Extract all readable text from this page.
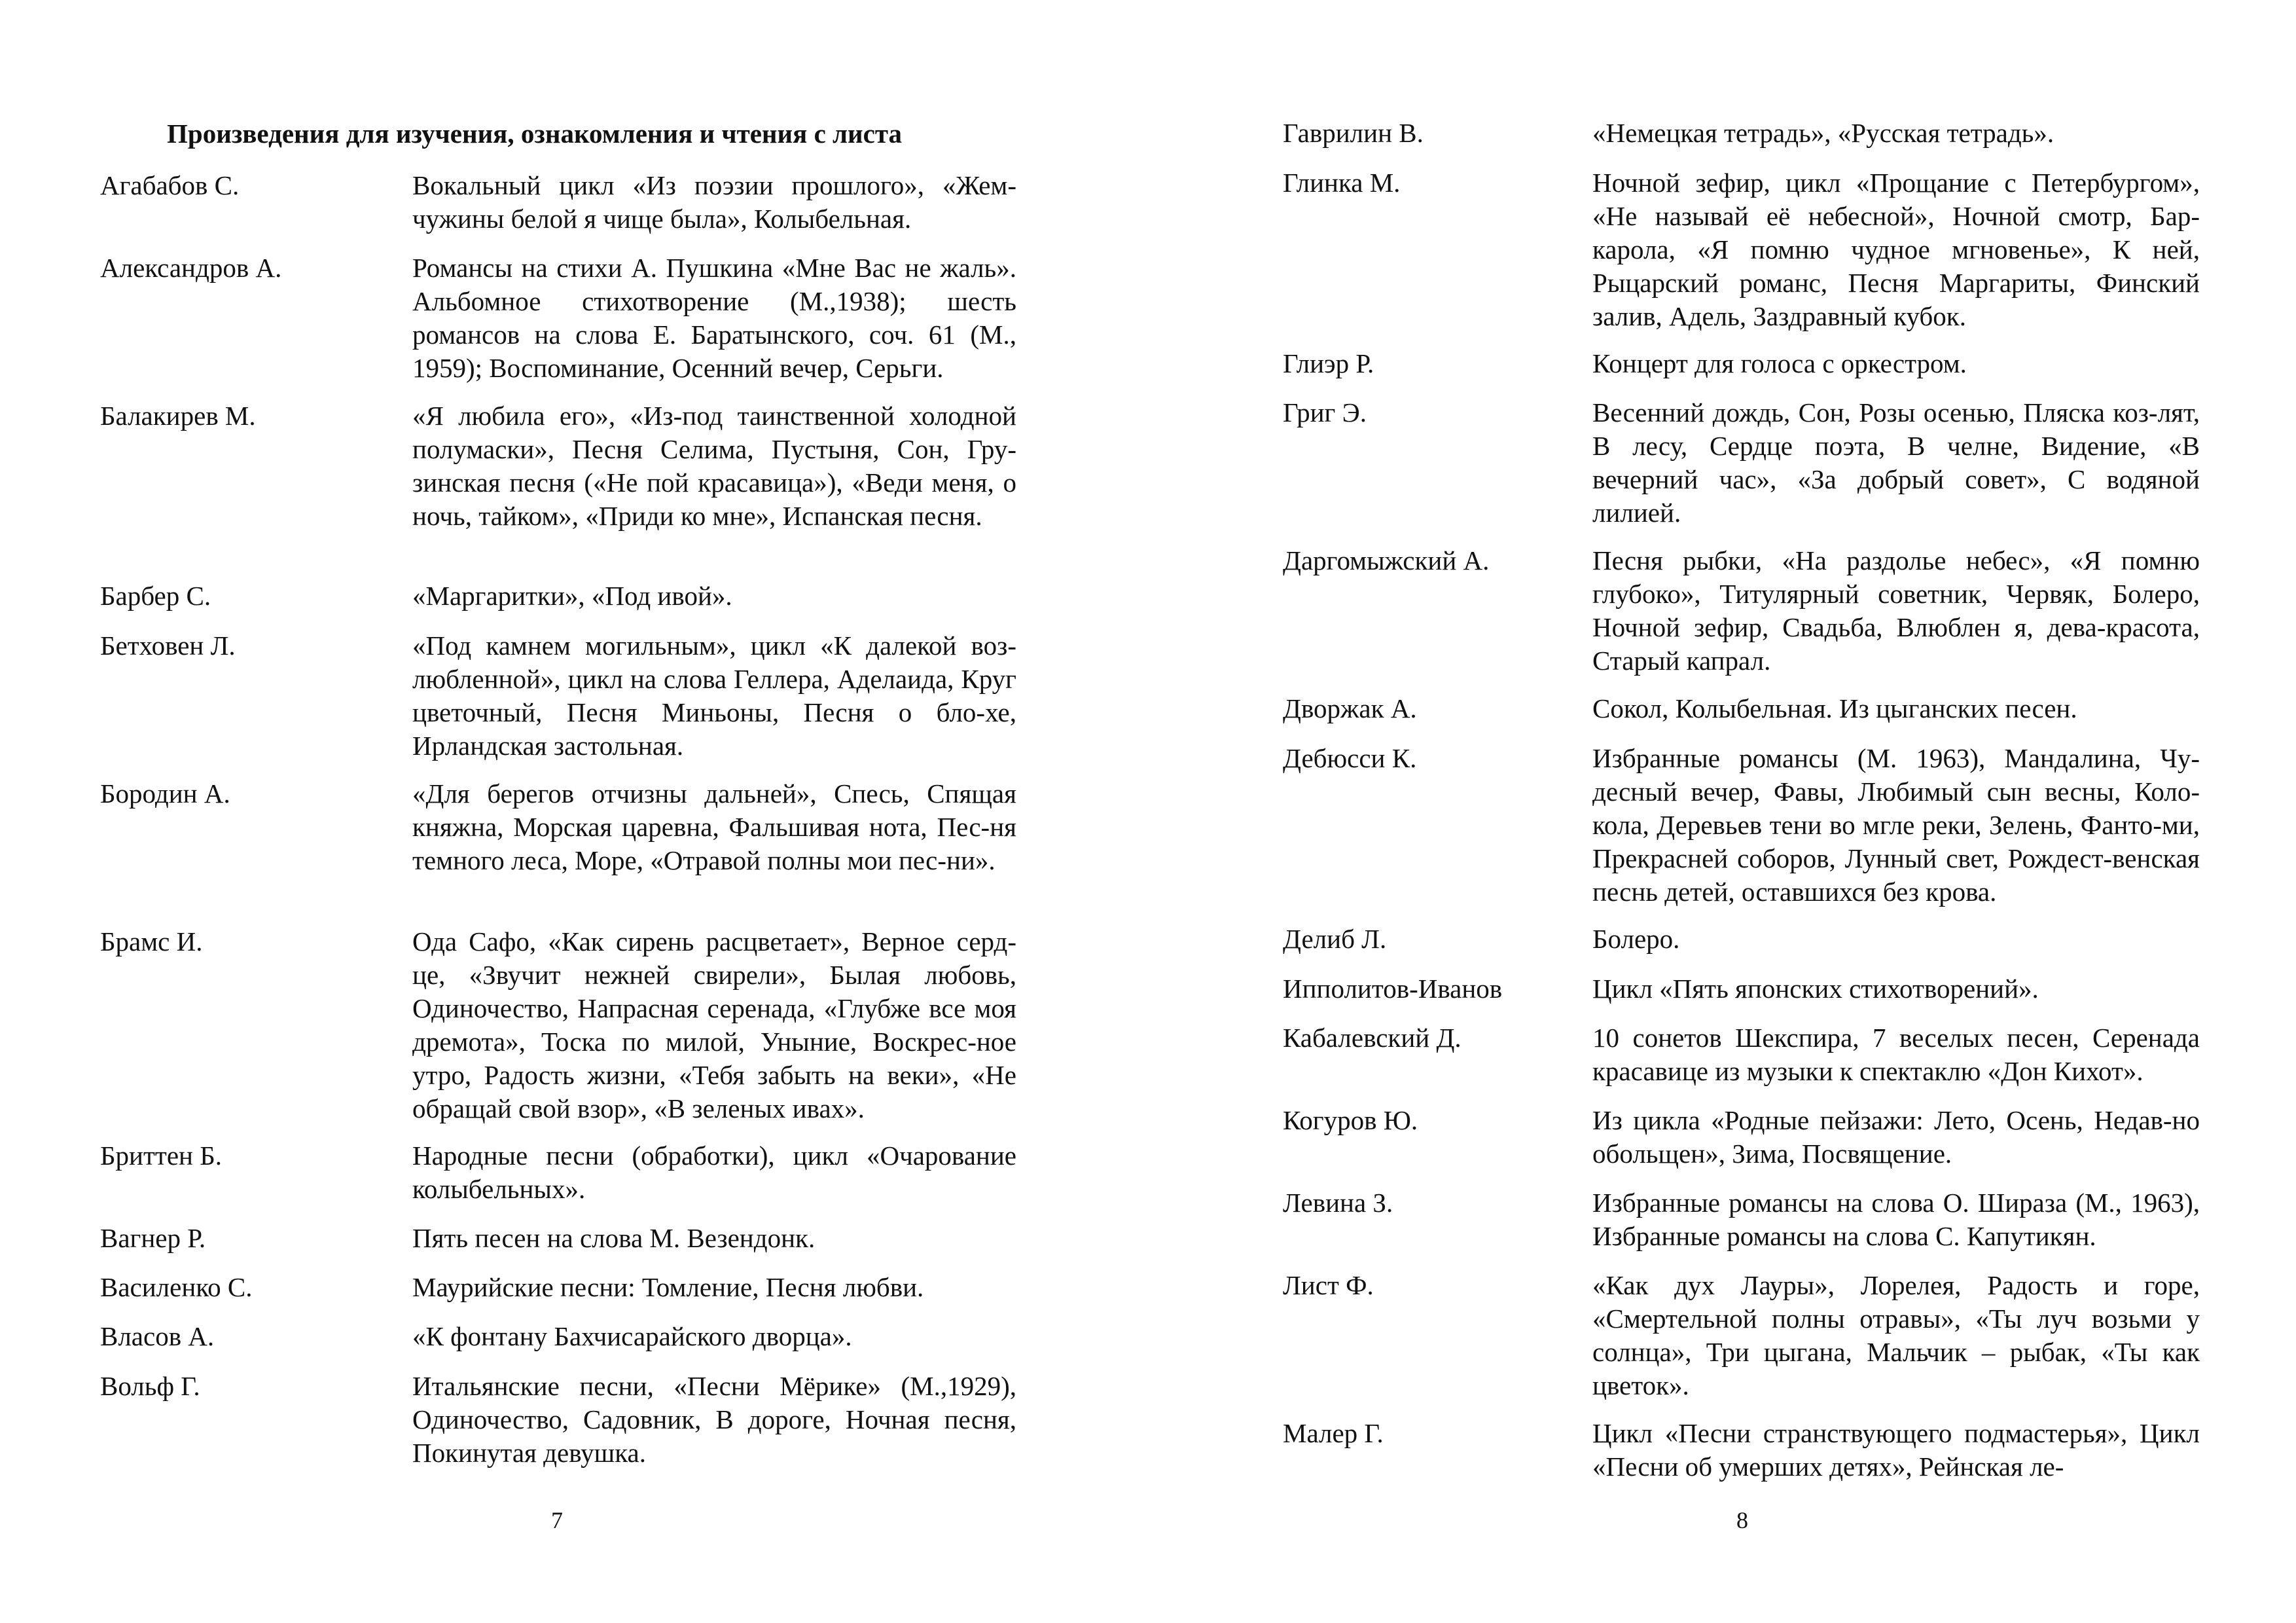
Произведения для изучения, ознакомления и чтения с листа
Агабабов С.	Вокальный цикл «Из поэзии прошлого», «Жем-чужины белой я чище была», Колыбельная.
Александров А.	Романсы на стихи А. Пушкина «Мне Вас не жаль». Альбомное стихотворение (М.,1938); шесть романсов на слова Е. Баратынского, соч. 61 (М., 1959); Воспоминание, Осенний вечер, Серьги.
Балакирев М.	«Я любила его», «Из-под таинственной холодной полумаски», Песня Селима, Пустыня, Сон, Гру-зинская песня («Не пой красавица»), «Веди меня, о ночь, тайком», «Приди ко мне», Испанская песня.
Барбер С.	«Маргаритки», «Под ивой».
Бетховен Л.	«Под камнем могильным», цикл «К далекой воз-любленной», цикл на слова Геллера, Аделаида, Круг цветочный, Песня Миньоны, Песня о бло-хе, Ирландская застольная.
Бородин А.	«Для берегов отчизны дальней», Спесь, Спящая княжна, Морская царевна, Фальшивая нота, Пес-ня темного леса, Море, «Отравой полны мои пес-ни».
Брамс И.	Ода Сафо, «Как сирень расцветает», Верное серд-це, «Звучит нежней свирели», Былая любовь, Одиночество, Напрасная серенада, «Глубже все моя дремота», Тоска по милой, Уныние, Воскрес-ное утро, Радость жизни, «Тебя забыть на веки», «Не обращай свой взор», «В зеленых ивах».
Бриттен Б.	Народные песни (обработки), цикл «Очарование колыбельных».
Вагнер Р.	Пять песен на слова М. Везендонк.
Василенко С.	Маурийские песни: Томление, Песня любви.
Власов А.	«К фонтану Бахчисарайского дворца».
Вольф Г.	Итальянские песни, «Песни Мёрике» (М.,1929), Одиночество, Садовник, В дороге, Ночная песня, Покинутая девушка.
7
Гаврилин В.	«Немецкая тетрадь», «Русская тетрадь».
Глинка М.	Ночной зефир, цикл «Прощание с Петербургом», «Не называй её небесной», Ночной смотр, Бар-карола, «Я помню чудное мгновенье», К ней, Рыцарский романс, Песня Маргариты, Финский залив, Адель, Заздравный кубок.
Глиэр Р.	Концерт для голоса с оркестром.
Григ Э.	Весенний дождь, Сон, Розы осенью, Пляска коз-лят, В лесу, Сердце поэта, В челне, Видение, «В вечерний час», «За добрый совет», С водяной лилией.
Даргомыжский А.	Песня рыбки, «На раздолье небес», «Я помню глубоко», Титулярный советник, Червяк, Болеро, Ночной зефир, Свадьба, Влюблен я, дева-красота, Старый капрал.
Дворжак А.	Сокол, Колыбельная. Из цыганских песен.
Дебюсси К.	Избранные романсы (М. 1963), Мандалина, Чу-десный вечер, Фавы, Любимый сын весны, Коло-кола, Деревьев тени во мгле реки, Зелень, Фанто-ми, Прекрасней соборов, Лунный свет, Рождест-венская песнь детей, оставшихся без крова.
Делиб Л.	Болеро.
Ипполитов-Иванов	Цикл «Пять японских стихотворений».
Кабалевский Д.	10 сонетов Шекспира, 7 веселых песен, Серенада красавице из музыки к спектаклю «Дон Кихот».
Когуров Ю.	Из цикла «Родные пейзажи: Лето, Осень, Недав-но обольщен», Зима, Посвящение.
Левина З.	Избранные романсы на слова О. Шираза (М., 1963), Избранные романсы на слова С. Капутикян.
Лист Ф.	«Как дух Лауры», Лорелея, Радость и горе, «Смертельной полны отравы», «Ты луч возьми у солнца», Три цыгана, Мальчик – рыбак, «Ты как цветок».
Малер Г.	Цикл «Песни странствующего подмастерья», Цикл «Песни об умерших детях», Рейнская ле-
8
